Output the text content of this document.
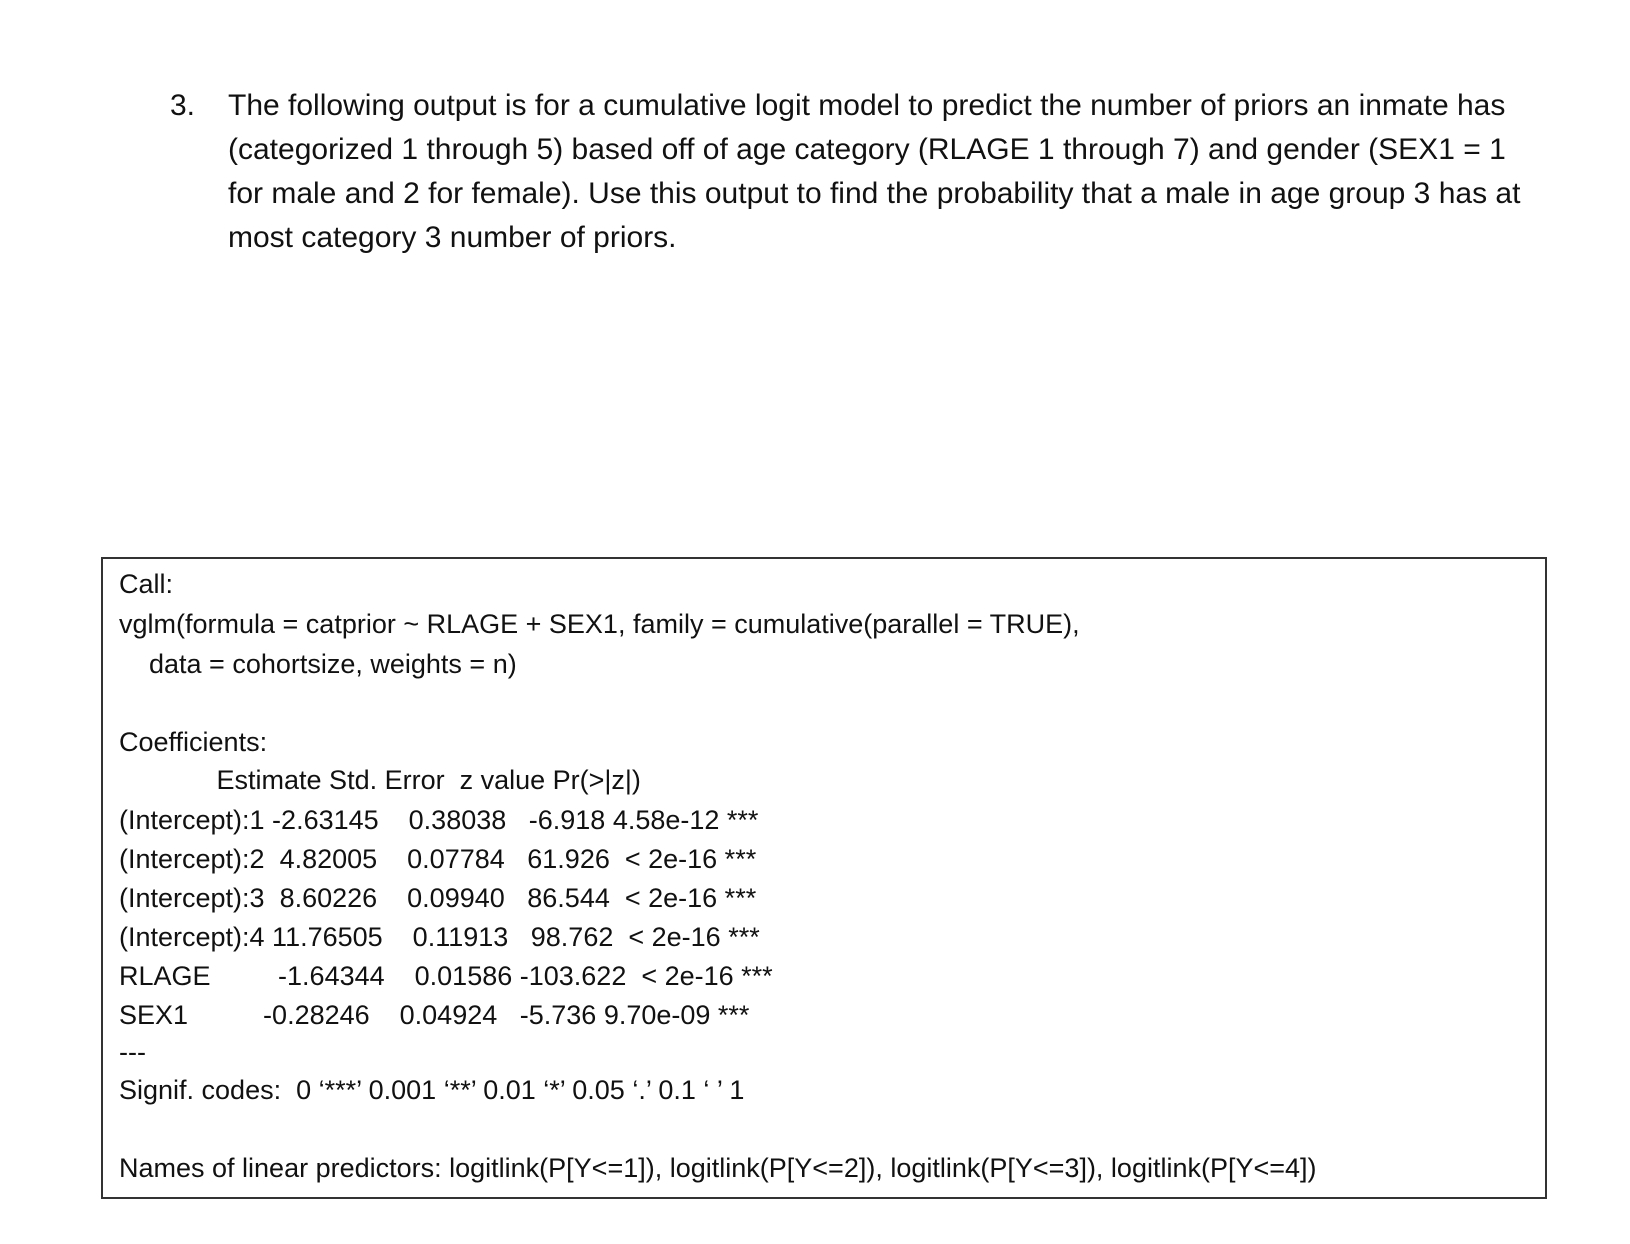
3. The following output is for a cumulative logit model to predict the number of priors an inmate has (categorized 1 through 5) based off of age category (RLAGE 1 through 7) and gender (SEX1 = 1 for male and 2 for female). Use this output to find the probability that a male in age group 3 has at most category 3 number of priors.
Call:
vglm(formula = catprior ~ RLAGE + SEX1, family = cumulative(parallel = TRUE),
data = cohortsize, weights = n)
Coefficients:
Estimate Std. Error  z value Pr(>|z|)
(Intercept):1 -2.63145    0.38038   -6.918 4.58e-12 ***
(Intercept):2  4.82005    0.07784   61.926  < 2e-16 ***
(Intercept):3  8.60226    0.09940   86.544  < 2e-16 ***
(Intercept):4 11.76505    0.11913   98.762  < 2e-16 ***
RLAGE         -1.64344    0.01586 -103.622  < 2e-16 ***
SEX1          -0.28246    0.04924   -5.736 9.70e-09 ***
---
Signif. codes:  0 ‘***’ 0.001 ‘**’ 0.01 ‘*’ 0.05 ‘.’ 0.1 ‘ ’ 1
Names of linear predictors: logitlink(P[Y<=1]), logitlink(P[Y<=2]), logitlink(P[Y<=3]), logitlink(P[Y<=4])
